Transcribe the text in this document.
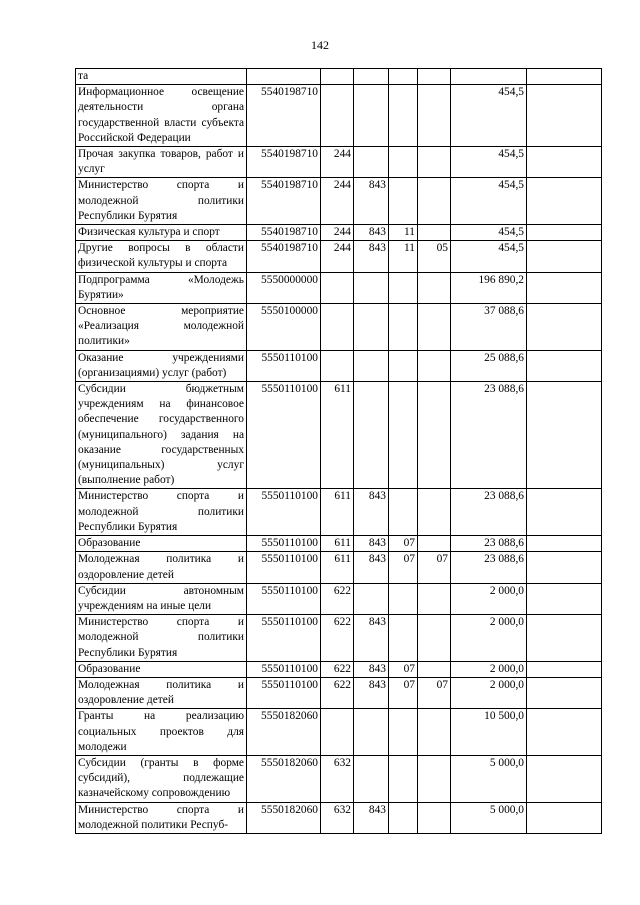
142
та							
Информационное освещение деятельности органа государственной власти субъекта Российской Федерации	5540198710					454,5	
Прочая закупка товаров, работ и услуг	5540198710	244				454,5	
Министерство спорта и молодежной политики Республики Бурятия	5540198710	244	843			454,5	
Физическая культура и спорт	5540198710	244	843	11		454,5	
Другие вопросы в области физической культуры и спорта	5540198710	244	843	11	05	454,5	
Подпрограмма «Молодежь Бурятии»	5550000000					196 890,2	
Основное мероприятие «Реализация молодежной политики»	5550100000					37 088,6	
Оказание учреждениями (организациями) услуг (работ)	5550110100					25 088,6	
Субсидии бюджетным учреждениям на финансовое обеспечение государственного (муниципального) задания на оказание государственных (муниципальных) услуг (выполнение работ)	5550110100	611				23 088,6	
Министерство спорта и молодежной политики Республики Бурятия	5550110100	611	843			23 088,6	
Образование	5550110100	611	843	07		23 088,6	
Молодежная политика и оздоровление детей	5550110100	611	843	07	07	23 088,6	
Субсидии автономным учреждениям на иные цели	5550110100	622				2 000,0	
Министерство спорта и молодежной политики Республики Бурятия	5550110100	622	843			2 000,0	
Образование	5550110100	622	843	07		2 000,0	
Молодежная политика и оздоровление детей	5550110100	622	843	07	07	2 000,0	
Гранты на реализацию социальных проектов для молодежи	5550182060					10 500,0	
Субсидии (гранты в форме субсидий), подлежащие казначейскому сопровождению	5550182060	632				5 000,0	
Министерство спорта и молодежной политики Респуб-	5550182060	632	843			5 000,0	
